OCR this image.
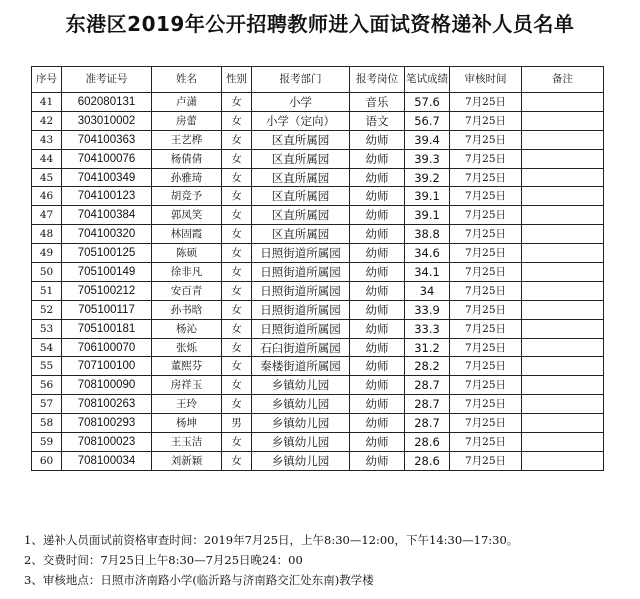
东港区2019年公开招聘教师进入面试资格递补人员名单
序号	准考证号	姓名	性别	报考部门	报考岗位	笔试成绩	审核时间	备注
41	602080131	卢潇	女	小学	音乐	57.6	7月25日	
42	303010002	房蕾	女	小学（定向）	语文	56.7	7月25日	
43	704100363	王艺桦	女	区直所属园	幼师	39.4	7月25日	
44	704100076	杨倩倩	女	区直所属园	幼师	39.3	7月25日	
45	704100349	孙雅琦	女	区直所属园	幼师	39.2	7月25日	
46	704100123	胡竞予	女	区直所属园	幼师	39.1	7月25日	
47	704100384	郭凤笑	女	区直所属园	幼师	39.1	7月25日	
48	704100320	林固霞	女	区直所属园	幼师	38.8	7月25日	
49	705100125	陈硕	女	日照街道所属园	幼师	34.6	7月25日	
50	705100149	徐非凡	女	日照街道所属园	幼师	34.1	7月25日	
51	705100212	安百青	女	日照街道所属园	幼师	34	7月25日	
52	705100117	孙书晗	女	日照街道所属园	幼师	33.9	7月25日	
53	705100181	杨沁	女	日照街道所属园	幼师	33.3	7月25日	
54	706100070	张烁	女	石臼街道所属园	幼师	31.2	7月25日	
55	707100100	董熙芬	女	秦楼街道所属园	幼师	28.2	7月25日	
56	708100090	房祥玉	女	乡镇幼儿园	幼师	28.7	7月25日	
57	708100263	王玲	女	乡镇幼儿园	幼师	28.7	7月25日	
58	708100293	杨坤	男	乡镇幼儿园	幼师	28.7	7月25日	
59	708100023	王玉洁	女	乡镇幼儿园	幼师	28.6	7月25日	
60	708100034	刘新颖	女	乡镇幼儿园	幼师	28.6	7月25日	
1、递补人员面试前资格审查时间：2019年7月25日，上午8:30—12:00，下午14:30—17:30。
2、交费时间：7月25日上午8:30—7月25日晚24：00
3、审核地点：日照市济南路小学(临沂路与济南路交汇处东南)教学楼
